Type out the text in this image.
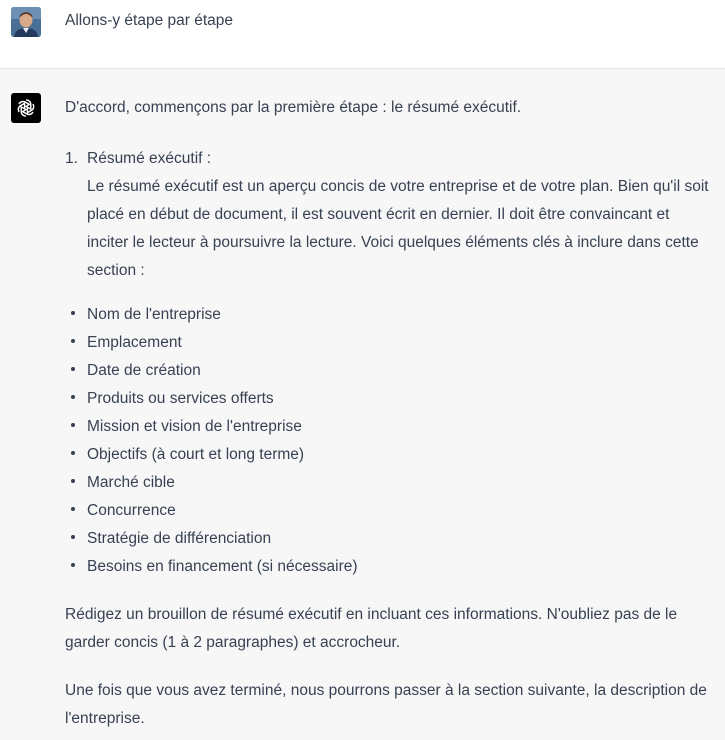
Allons-y étape par étape

D'accord, commençons par la première étape : le résumé exécutif.

1. Résumé exécutif :
Le résumé exécutif est un aperçu concis de votre entreprise et de votre plan. Bien qu'il soit placé en début de document, il est souvent écrit en dernier. Il doit être convaincant et inciter le lecteur à poursuivre la lecture. Voici quelques éléments clés à inclure dans cette section :
Nom de l'entreprise
Emplacement
Date de création
Produits ou services offerts
Mission et vision de l'entreprise
Objectifs (à court et long terme)
Marché cible
Concurrence
Stratégie de différenciation
Besoins en financement (si nécessaire)

Rédigez un brouillon de résumé exécutif en incluant ces informations. N'oubliez pas de le garder concis (1 à 2 paragraphes) et accrocheur.

Une fois que vous avez terminé, nous pourrons passer à la section suivante, la description de l'entreprise.
